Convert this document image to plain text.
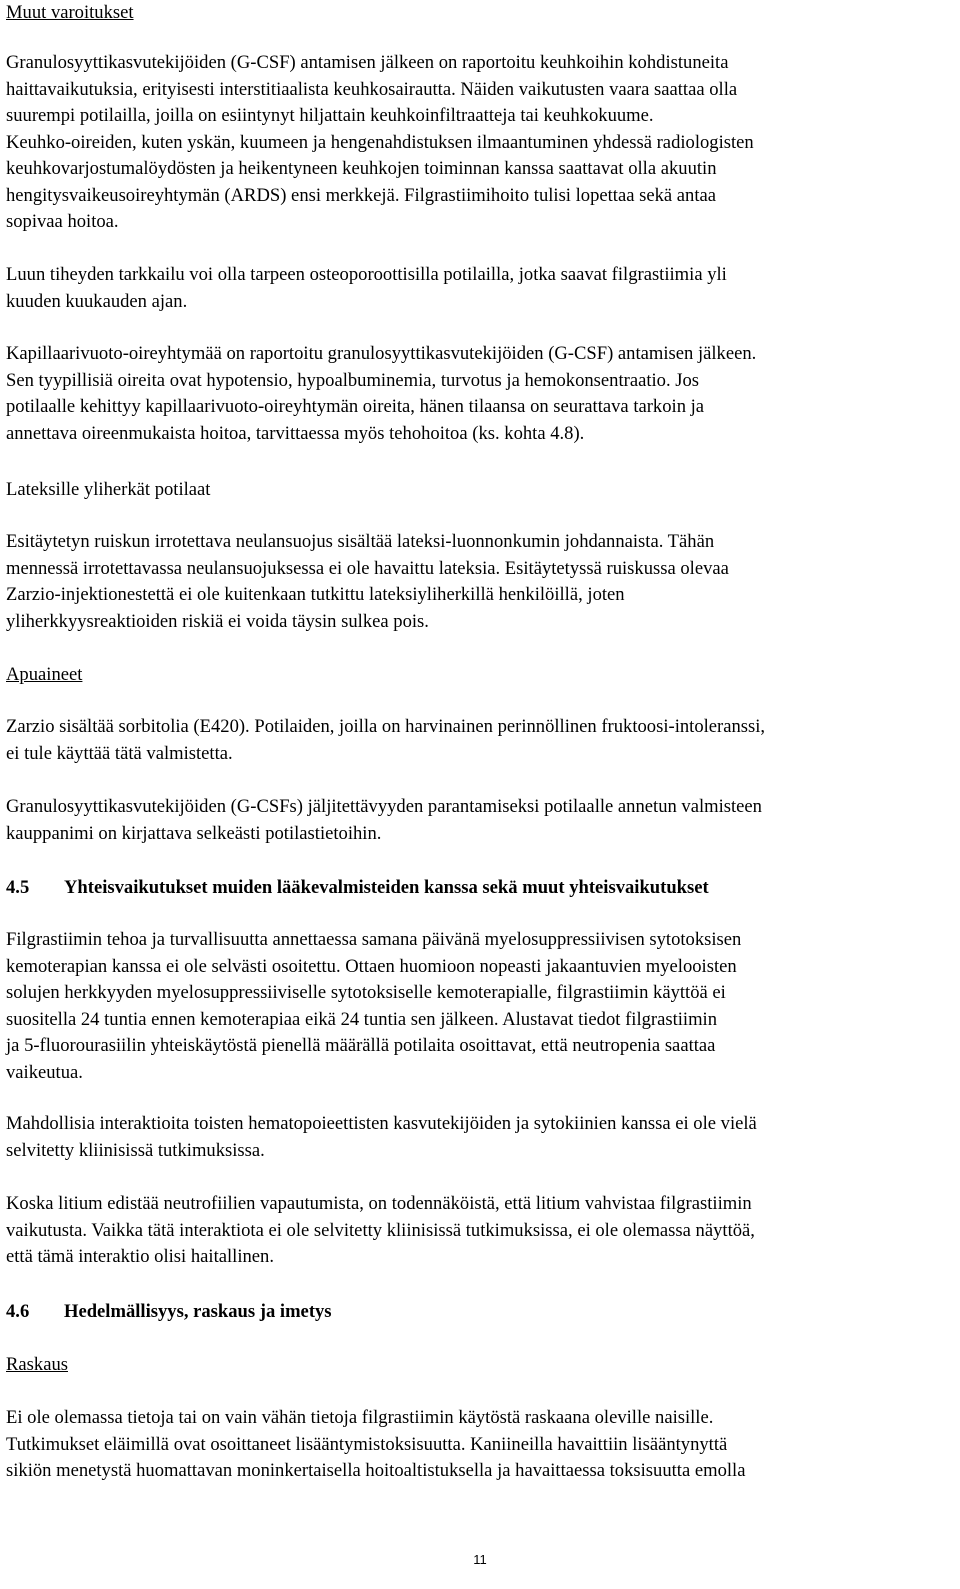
Muut varoitukset
Granulosyyttikasvutekijöiden (G-CSF) antamisen jälkeen on raportoitu keuhkoihin kohdistuneita
haittavaikutuksia, erityisesti interstitiaalista keuhkosairautta. Näiden vaikutusten vaara saattaa olla
suurempi potilailla, joilla on esiintynyt hiljattain keuhkoinfiltraatteja tai keuhkokuume.
Keuhko-oireiden, kuten yskän, kuumeen ja hengenahdistuksen ilmaantuminen yhdessä radiologisten
keuhkovarjostumalöydösten ja heikentyneen keuhkojen toiminnan kanssa saattavat olla akuutin
hengitysvaikeusoireyhtymän (ARDS) ensi merkkejä. Filgrastiimihoito tulisi lopettaa sekä antaa
sopivaa hoitoa.
Luun tiheyden tarkkailu voi olla tarpeen osteoporoottisilla potilailla, jotka saavat filgrastiimia yli
kuuden kuukauden ajan.
Kapillaarivuoto-oireyhtymää on raportoitu granulosyyttikasvutekijöiden (G-CSF) antamisen jälkeen.
Sen tyypillisiä oireita ovat hypotensio, hypoalbuminemia, turvotus ja hemokonsentraatio. Jos
potilaalle kehittyy kapillaarivuoto-oireyhtymän oireita, hänen tilaansa on seurattava tarkoin ja
annettava oireenmukaista hoitoa, tarvittaessa myös tehohoitoa (ks. kohta 4.8).
Lateksille yliherkät potilaat
Esitäytetyn ruiskun irrotettava neulansuojus sisältää lateksi-luonnonkumin johdannaista. Tähän
mennessä irrotettavassa neulansuojuksessa ei ole havaittu lateksia. Esitäytetyssä ruiskussa olevaa
Zarzio-injektionestettä ei ole kuitenkaan tutkittu lateksiyliherkillä henkilöillä, joten
yliherkkyysreaktioiden riskiä ei voida täysin sulkea pois.
Apuaineet
Zarzio sisältää sorbitolia (E420). Potilaiden, joilla on harvinainen perinnöllinen fruktoosi-intoleranssi,
ei tule käyttää tätä valmistetta.
Granulosyyttikasvutekijöiden (G-CSFs) jäljitettävyyden parantamiseksi potilaalle annetun valmisteen
kauppanimi on kirjattava selkeästi potilastietoihin.
4.5 Yhteisvaikutukset muiden lääkevalmisteiden kanssa sekä muut yhteisvaikutukset
Filgrastiimin tehoa ja turvallisuutta annettaessa samana päivänä myelosuppressiivisen sytotoksisen
kemoterapian kanssa ei ole selvästi osoitettu. Ottaen huomioon nopeasti jakaantuvien myelooisten
solujen herkkyyden myelosuppressiiviselle sytotoksiselle kemoterapialle, filgrastiimin käyttöä ei
suositella 24 tuntia ennen kemoterapiaa eikä 24 tuntia sen jälkeen. Alustavat tiedot filgrastiimin
ja 5-fluorourasiilin yhteiskäytöstä pienellä määrällä potilaita osoittavat, että neutropenia saattaa
vaikeutua.
Mahdollisia interaktioita toisten hematopoieettisten kasvutekijöiden ja sytokiinien kanssa ei ole vielä
selvitetty kliinisissä tutkimuksissa.
Koska litium edistää neutrofiilien vapautumista, on todennäköistä, että litium vahvistaa filgrastiimin
vaikutusta. Vaikka tätä interaktiota ei ole selvitetty kliinisissä tutkimuksissa, ei ole olemassa näyttöä,
että tämä interaktio olisi haitallinen.
4.6 Hedelmällisyys, raskaus ja imetys
Raskaus
Ei ole olemassa tietoja tai on vain vähän tietoja filgrastiimin käytöstä raskaana oleville naisille.
Tutkimukset eläimillä ovat osoittaneet lisääntymistoksisuutta. Kaniineilla havaittiin lisääntynyttä
sikiön menetystä huomattavan moninkertaisella hoitoaltistuksella ja havaittaessa toksisuutta emolla
11
